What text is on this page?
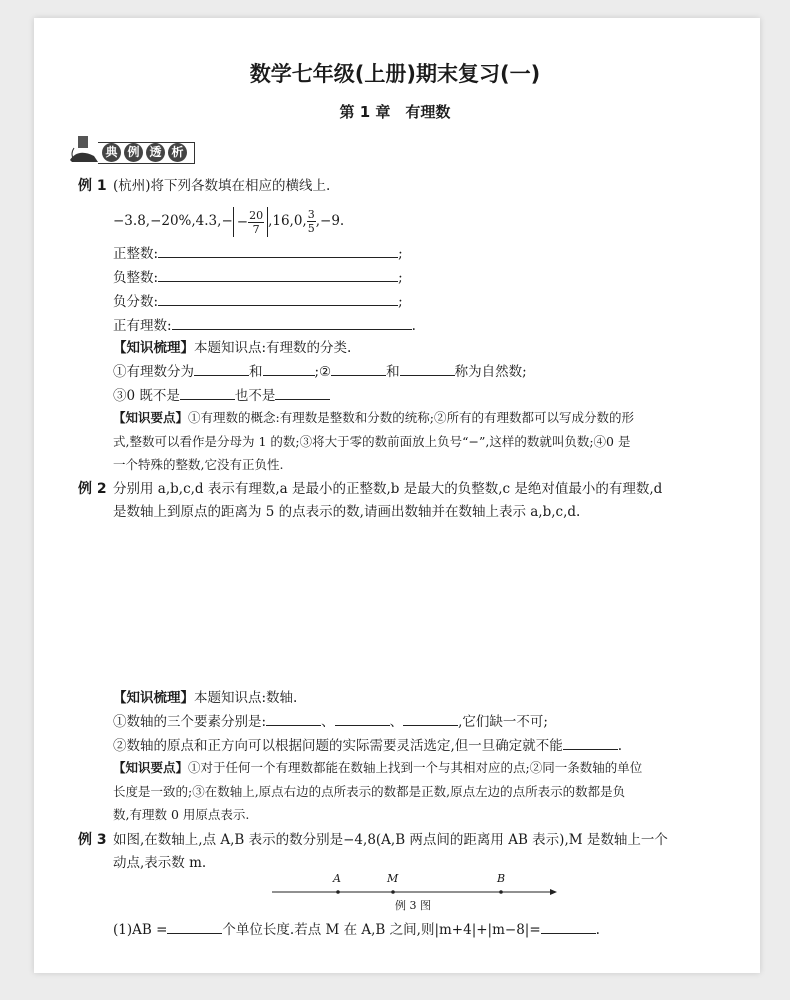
数学七年级(上册)期末复习(一)
第 1 章　有理数
典 例 透 析
例 1 (杭州)将下列各数填在相应的横线上.
$-3.8,-20\%,4.3,- - \frac{20}{7} ,16,0$, $\frac{3}{5} ,-9$.
正整数:	;
负整数:	;
负分数:	;
正有理数:	.
【知识梳理】本题知识点:有理数的分类.
①有理数分为	和	;②	和	称为自然数;
③0 既不是	也不是
【知识要点】①有理数的概念:有理数是整数和分数的统称;②所有的有理数都可以写成分数的形
式,整数可以看作是分母为 1 的数;③将大于零的数前面放上负号“−”,这样的数就叫负数;④0 是
一个特殊的整数,它没有正负性.
例 2 分别用 a,b,c,d 表示有理数,a 是最小的正整数,b 是最大的负整数,c 是绝对值最小的有理数,d
是数轴上到原点的距离为 5 的点表示的数,请画出数轴并在数轴上表示 a,b,c,d.
【知识梳理】本题知识点:数轴.
①数轴的三个要素分别是:	、	、	,它们缺一不可;
②数轴的原点和正方向可以根据问题的实际需要灵活选定,但一旦确定就不能	.
【知识要点】①对于任何一个有理数都能在数轴上找到一个与其相对应的点;②同一条数轴的单位
长度是一致的;③在数轴上,原点右边的点所表示的数都是正数,原点左边的点所表示的数都是负
数,有理数 0 用原点表示.
例 3 如图,在数轴上,点 A,B 表示的数分别是−4,8(A,B 两点间的距离用 AB 表示),M 是数轴上一个
动点,表示数 m.
A	M	B
例 3 图
(1)AB =	个单位长度.若点 M 在 A,B 之间,则|m+4|+|m−8|=	.
